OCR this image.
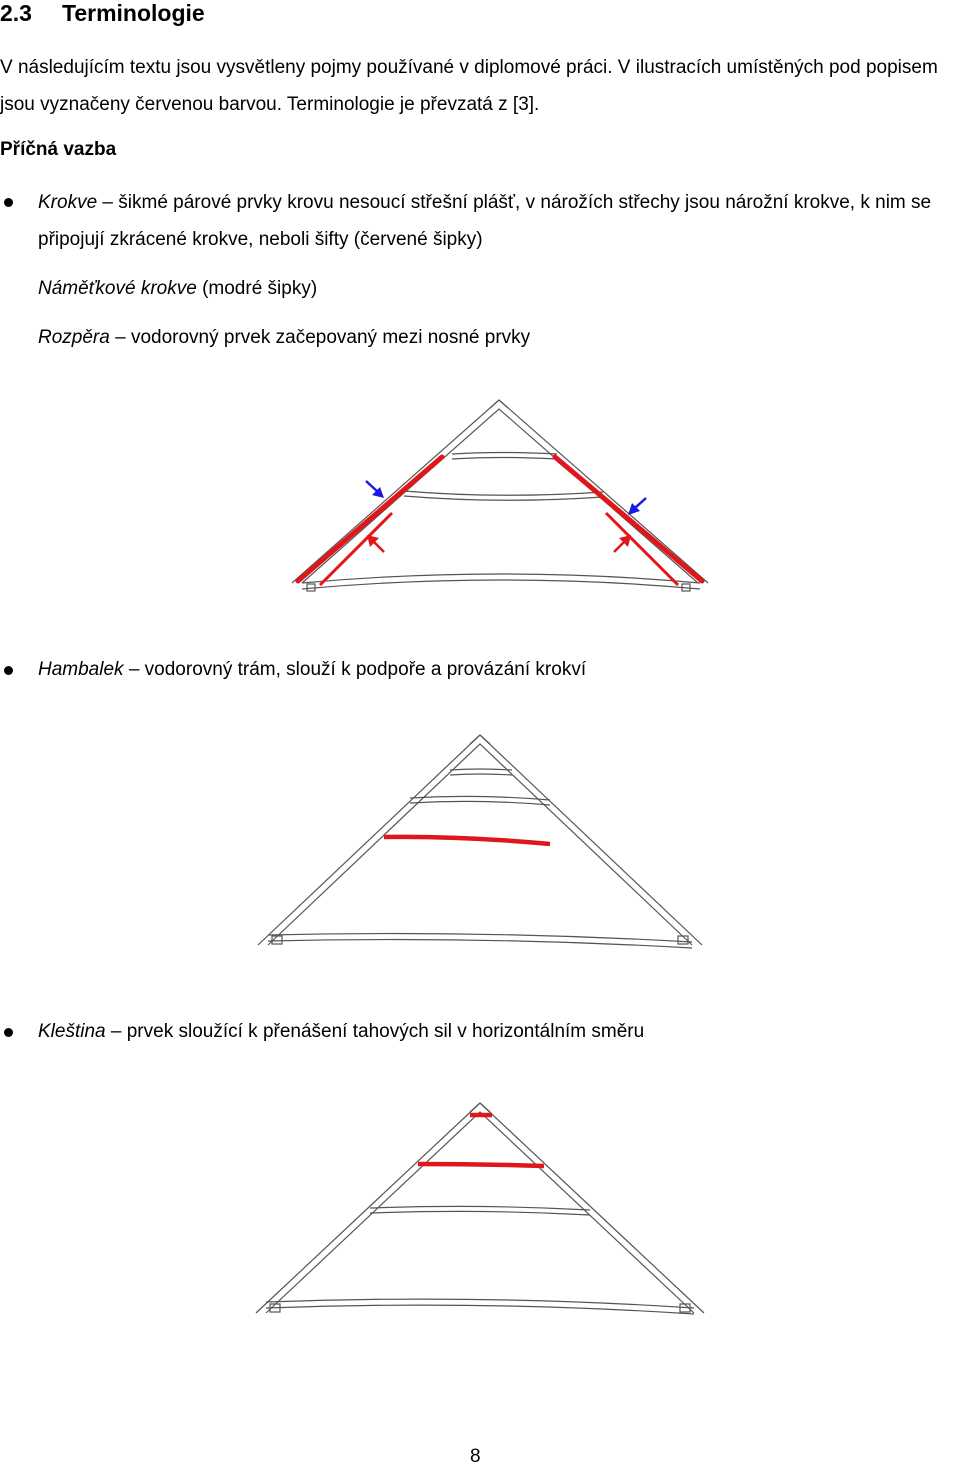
2.3 Terminologie
V následujícím textu jsou vysvětleny pojmy používané v diplomové práci. V ilustracích umístěných pod popisem jsou vyznačeny červenou barvou. Terminologie je převzatá z [3].
Příčná vazba
Krokve – šikmé párové prvky krovu nesoucí střešní plášť, v nárožích střechy jsou nárožní krokve, k nim se připojují zkrácené krokve, neboli šifty (červené šipky)
Náměťkové krokve (modré šipky)
Rozpěra – vodorovný prvek začepovaný mezi nosné prvky
Hambalek – vodorovný trám, slouží k podpoře a provázání krokví
Kleština – prvek sloužící k přenášení tahových sil v horizontálním směru
8
